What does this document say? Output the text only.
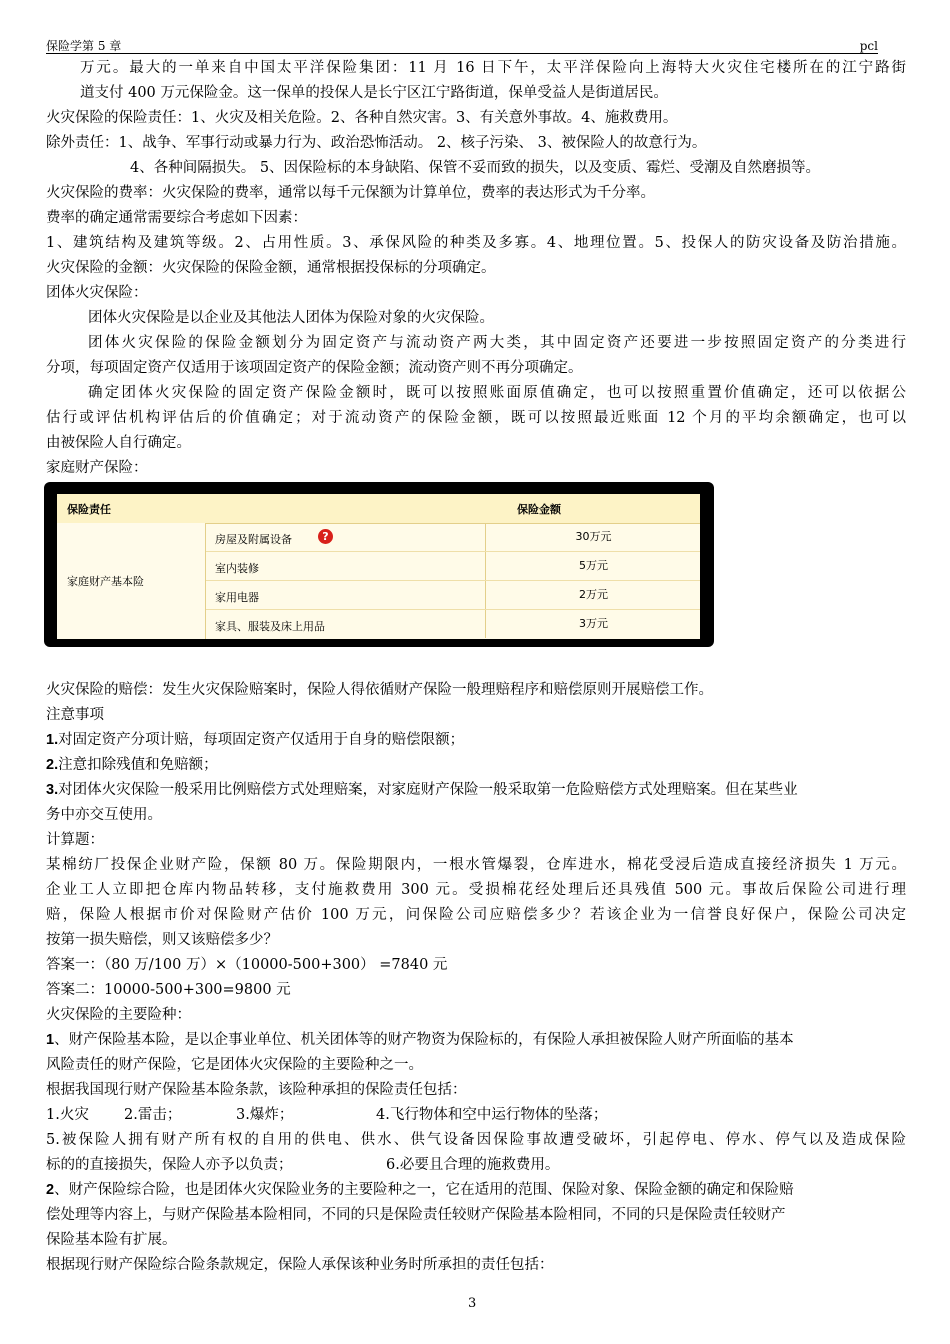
保险学第 5 章	pcl
万元。最大的一单来自中国太平洋保险集团：11 月 16 日下午，太平洋保险向上海特大火灾住宅楼所在的江宁路街
道支付 400 万元保险金。这一保单的投保人是长宁区江宁路街道，保单受益人是街道居民。
火灾保险的保险责任：1、火灾及相关危险。2、各种自然灾害。3、有关意外事故。4、施救费用。
除外责任：1、战争、军事行动或暴力行为、政治恐怖活动。 2、核子污染、 3、被保险人的故意行为。
4、各种间隔损失。 5、因保险标的本身缺陷、保管不妥而致的损失，以及变质、霉烂、受潮及自然磨损等。
火灾保险的费率：火灾保险的费率，通常以每千元保额为计算单位，费率的表达形式为千分率。
费率的确定通常需要综合考虑如下因素：
1、建筑结构及建筑等级。2、占用性质。3、承保风险的种类及多寡。4、地理位置。5、投保人的防灾设备及防治措施。
火灾保险的金额：火灾保险的保险金额，通常根据投保标的分项确定。
团体火灾保险：
团体火灾保险是以企业及其他法人团体为保险对象的火灾保险。
团体火灾保险的保险金额划分为固定资产与流动资产两大类，其中固定资产还要进一步按照固定资产的分类进行
分项，每项固定资产仅适用于该项固定资产的保险金额；流动资产则不再分项确定。
确定团体火灾保险的固定资产保险金额时，既可以按照账面原值确定，也可以按照重置价值确定，还可以依据公
估行或评估机构评估后的价值确定；对于流动资产的保险金额，既可以按照最近账面 12 个月的平均余额确定，也可以
由被保险人自行确定。
家庭财产保险：
保险责任	保险金额
家庭财产基本险
房屋及附属设备	?	30万元
室内装修	5万元
家用电器	2万元
家具、服装及床上用品	3万元
火灾保险的赔偿：发生火灾保险赔案时，保险人得依循财产保险一般理赔程序和赔偿原则开展赔偿工作。
注意事项
1.对固定资产分项计赔，每项固定资产仅适用于自身的赔偿限额；
2.注意扣除残值和免赔额；
3.对团体火灾保险一般采用比例赔偿方式处理赔案，对家庭财产保险一般采取第一危险赔偿方式处理赔案。但在某些业
务中亦交互使用。
计算题：
某棉纺厂投保企业财产险，保额 80 万。保险期限内，一根水管爆裂，仓库进水，棉花受浸后造成直接经济损失 1 万元。
企业工人立即把仓库内物品转移，支付施救费用 300 元。受损棉花经处理后还具残值 500 元。事故后保险公司进行理
赔，保险人根据市价对保险财产估价 100 万元，问保险公司应赔偿多少？若该企业为一信誉良好保户，保险公司决定
按第一损失赔偿，则又该赔偿多少？
答案一：（80 万/100 万）×（10000-500+300） =7840 元
答案二：10000-500+300=9800 元
火灾保险的主要险种：
1、财产保险基本险，是以企事业单位、机关团体等的财产物资为保险标的，有保险人承担被保险人财产所面临的基本
风险责任的财产保险，它是团体火灾保险的主要险种之一。
根据我国现行财产保险基本险条款，该险种承担的保险责任包括：
1.火灾 2.雷击；	3.爆炸；	4.飞行物体和空中运行物体的坠落；
5.被保险人拥有财产所有权的自用的供电、供水、供气设备因保险事故遭受破坏，引起停电、停水、停气以及造成保险
标的的直接损失，保险人亦予以负责；	6.必要且合理的施救费用。
2、财产保险综合险，也是团体火灾保险业务的主要险种之一，它在适用的范围、保险对象、保险金额的确定和保险赔
偿处理等内容上，与财产保险基本险相同，不同的只是保险责任较财产保险基本险相同，不同的只是保险责任较财产
保险基本险有扩展。
根据现行财产保险综合险条款规定，保险人承保该种业务时所承担的责任包括：
3
